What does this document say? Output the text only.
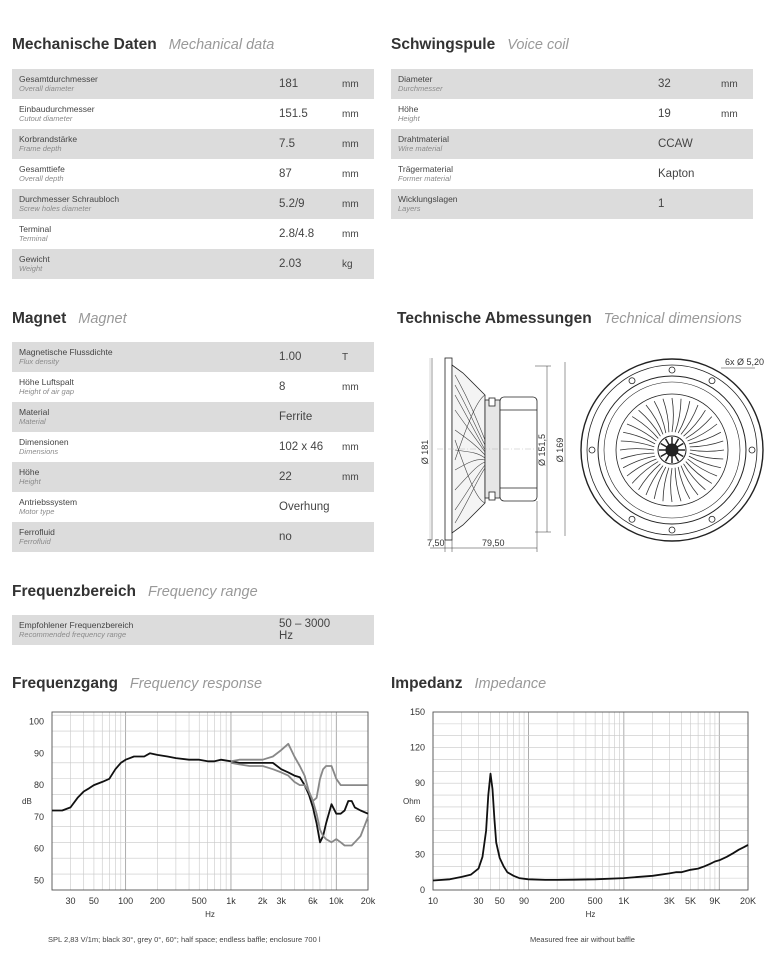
Mechanische Daten Mechanical data
Gesamtdurchmesser
Overall diameter	181	mm

Einbaudurchmesser
Cutout diameter	151.5	mm

Korbrandstärke
Frame depth	7.5	mm

Gesamttiefe
Overall depth	87	mm

Durchmesser Schraubloch
Screw holes diameter	5.2/9	mm

Terminal
Terminal	2.8/4.8	mm

Gewicht
Weight	2.03	kg
Schwingspule Voice coil
Diameter
Durchmesser	32	mm

Höhe
Height	19	mm

Drahtmaterial
Wire material	CCAW	

Trägermaterial
Former material	Kapton	

Wicklungslagen
Layers	1	
Magnet Magnet
Magnetische Flussdichte
Flux density	1.00	T

Höhe Luftspalt
Height of air gap	8	mm

Material
Material	Ferrite	

Dimensionen
Dimensions	102 x 46	mm

Höhe
Height	22	mm

Antriebssystem
Motor type	Overhung	

Ferrofluid
Ferrofluid	no	
Technische Abmessungen Technical dimensions
Ø 181	Ø 151,5 Ø 169
7,50	79,50
6x Ø 5,20
Frequenzbereich Frequency range
Empfohlener Frequenzbereich
Recommended frequency range
	50 – 3000 Hz	
Frequenzgang Frequency response
50
60
70
80
90
100
30 50 100 200	500 1k 2k 3k 6k 10k 20k
Hz
dB
SPL 2,83 V/1m; black 30°, grey 0°, 60°; half space; endless baffle; enclosure 700 l
Impedanz Impedance
0
30
60
90
120
150
10	30 50 90 200	500 1K	3K 5K 9K 20K
Hz
Ohm
Measured free air without baffle
